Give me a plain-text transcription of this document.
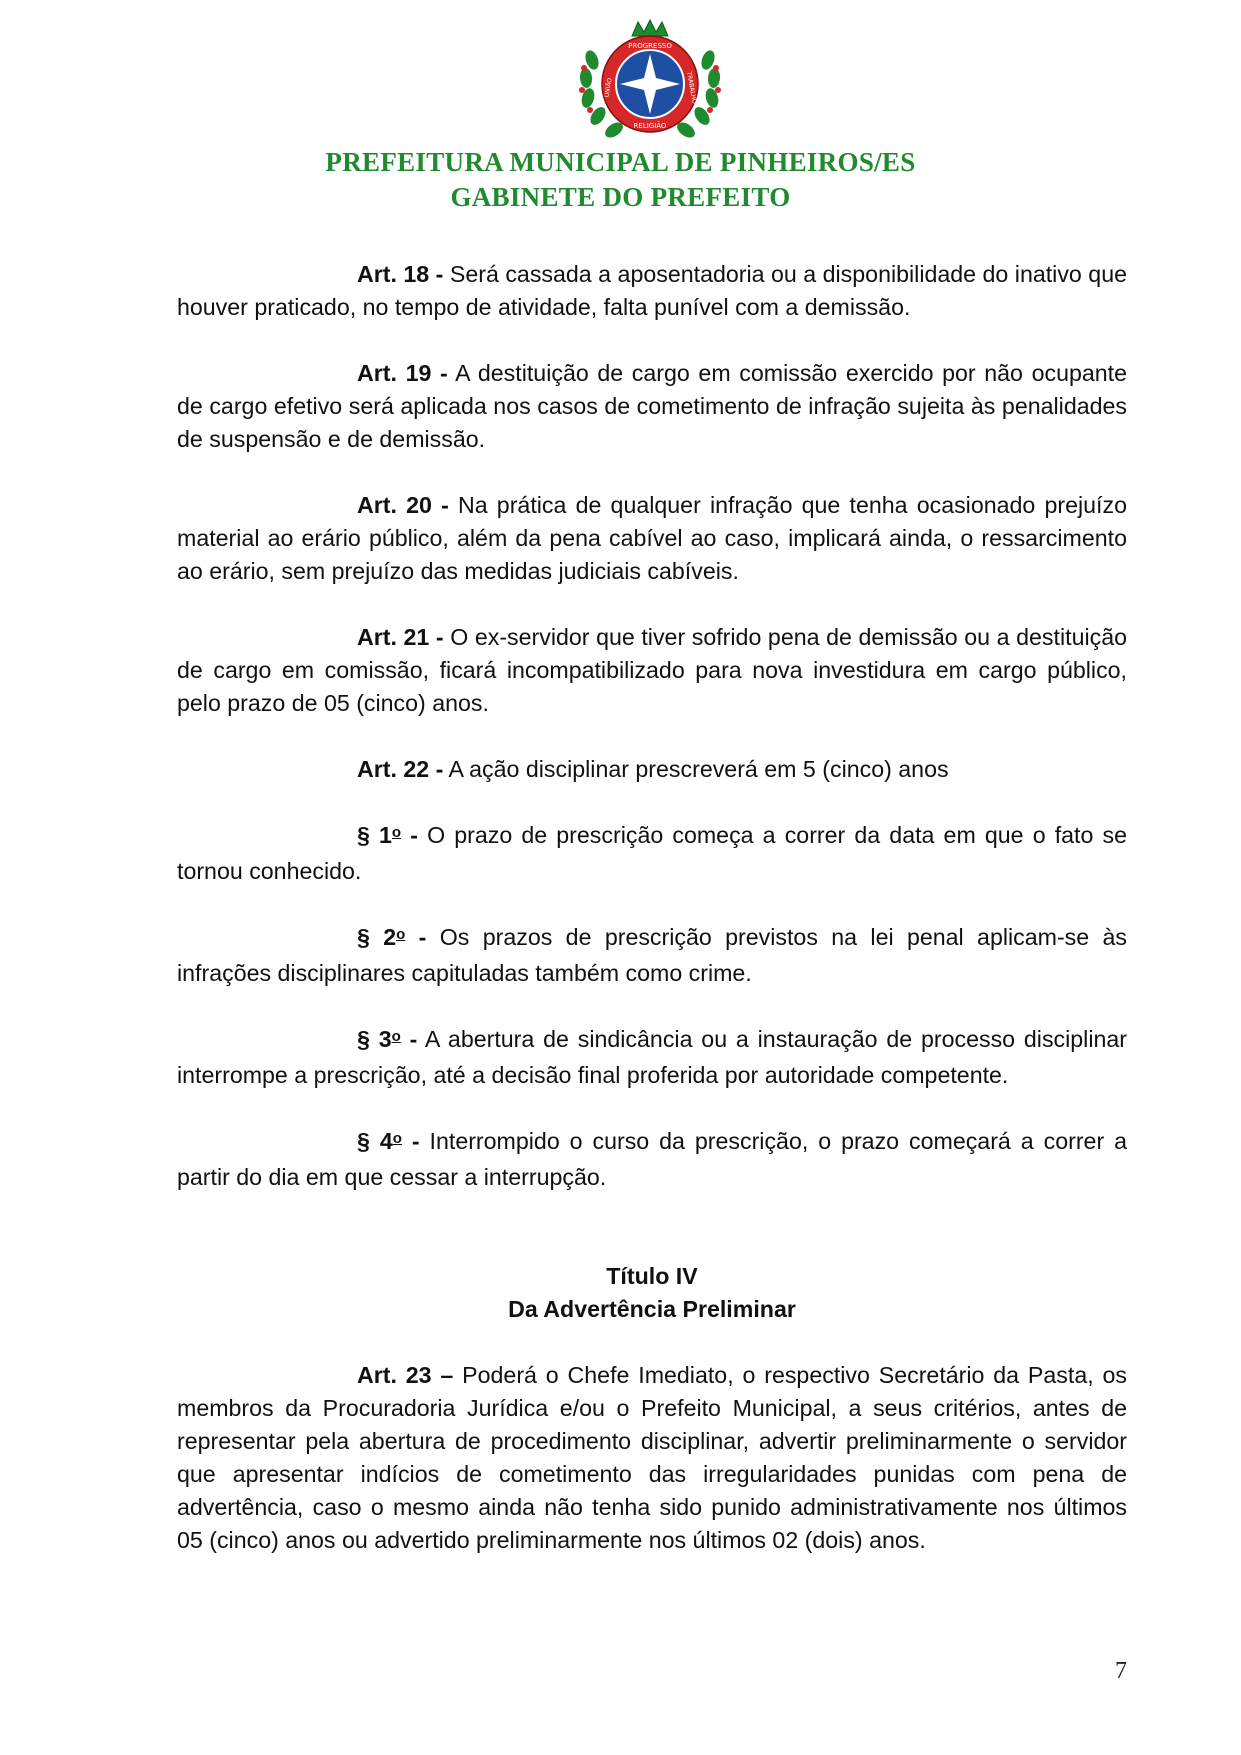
PROGRESSO
RELIGIÃO
UNIÃO	TRABALHO
PREFEITURA MUNICIPAL DE PINHEIROS/ES
GABINETE DO PREFEITO

Art. 18 - Será cassada a aposentadoria ou a disponibilidade do inativo que houver praticado, no tempo de atividade, falta punível com a demissão.

Art. 19 - A destituição de cargo em comissão exercido por não ocupante de cargo efetivo será aplicada nos casos de cometimento de infração sujeita às penalidades de suspensão e de demissão.

Art. 20 - Na prática de qualquer infração que tenha ocasionado prejuízo material ao erário público, além da pena cabível ao caso, implicará ainda, o ressarcimento ao erário, sem prejuízo das medidas judiciais cabíveis.

Art. 21 - O ex-servidor que tiver sofrido pena de demissão ou a destituição de cargo em comissão, ficará incompatibilizado para nova investidura em cargo público, pelo prazo de 05 (cinco) anos.

Art. 22 - A ação disciplinar prescreverá em 5 (cinco) anos

§ 1$^o$ - O prazo de prescrição começa a correr da data em que o fato se tornou conhecido.

§ 2$^o$ - Os prazos de prescrição previstos na lei penal aplicam-se às infrações disciplinares capituladas também como crime.

§ 3$^o$ - A abertura de sindicância ou a instauração de processo disciplinar interrompe a prescrição, até a decisão final proferida por autoridade competente.

§ 4$^o$ - Interrompido o curso da prescrição, o prazo começará a correr a partir do dia em que cessar a interrupção.

Título IV
Da Advertência Preliminar

Art. 23 – Poderá o Chefe Imediato, o respectivo Secretário da Pasta, os membros da Procuradoria Jurídica e/ou o Prefeito Municipal, a seus critérios, antes de representar pela abertura de procedimento disciplinar, advertir preliminarmente o servidor que apresentar indícios de cometimento das irregularidades punidas com pena de advertência, caso o mesmo ainda não tenha sido punido administrativamente nos últimos 05 (cinco) anos ou advertido preliminarmente nos últimos 02 (dois) anos.

7
